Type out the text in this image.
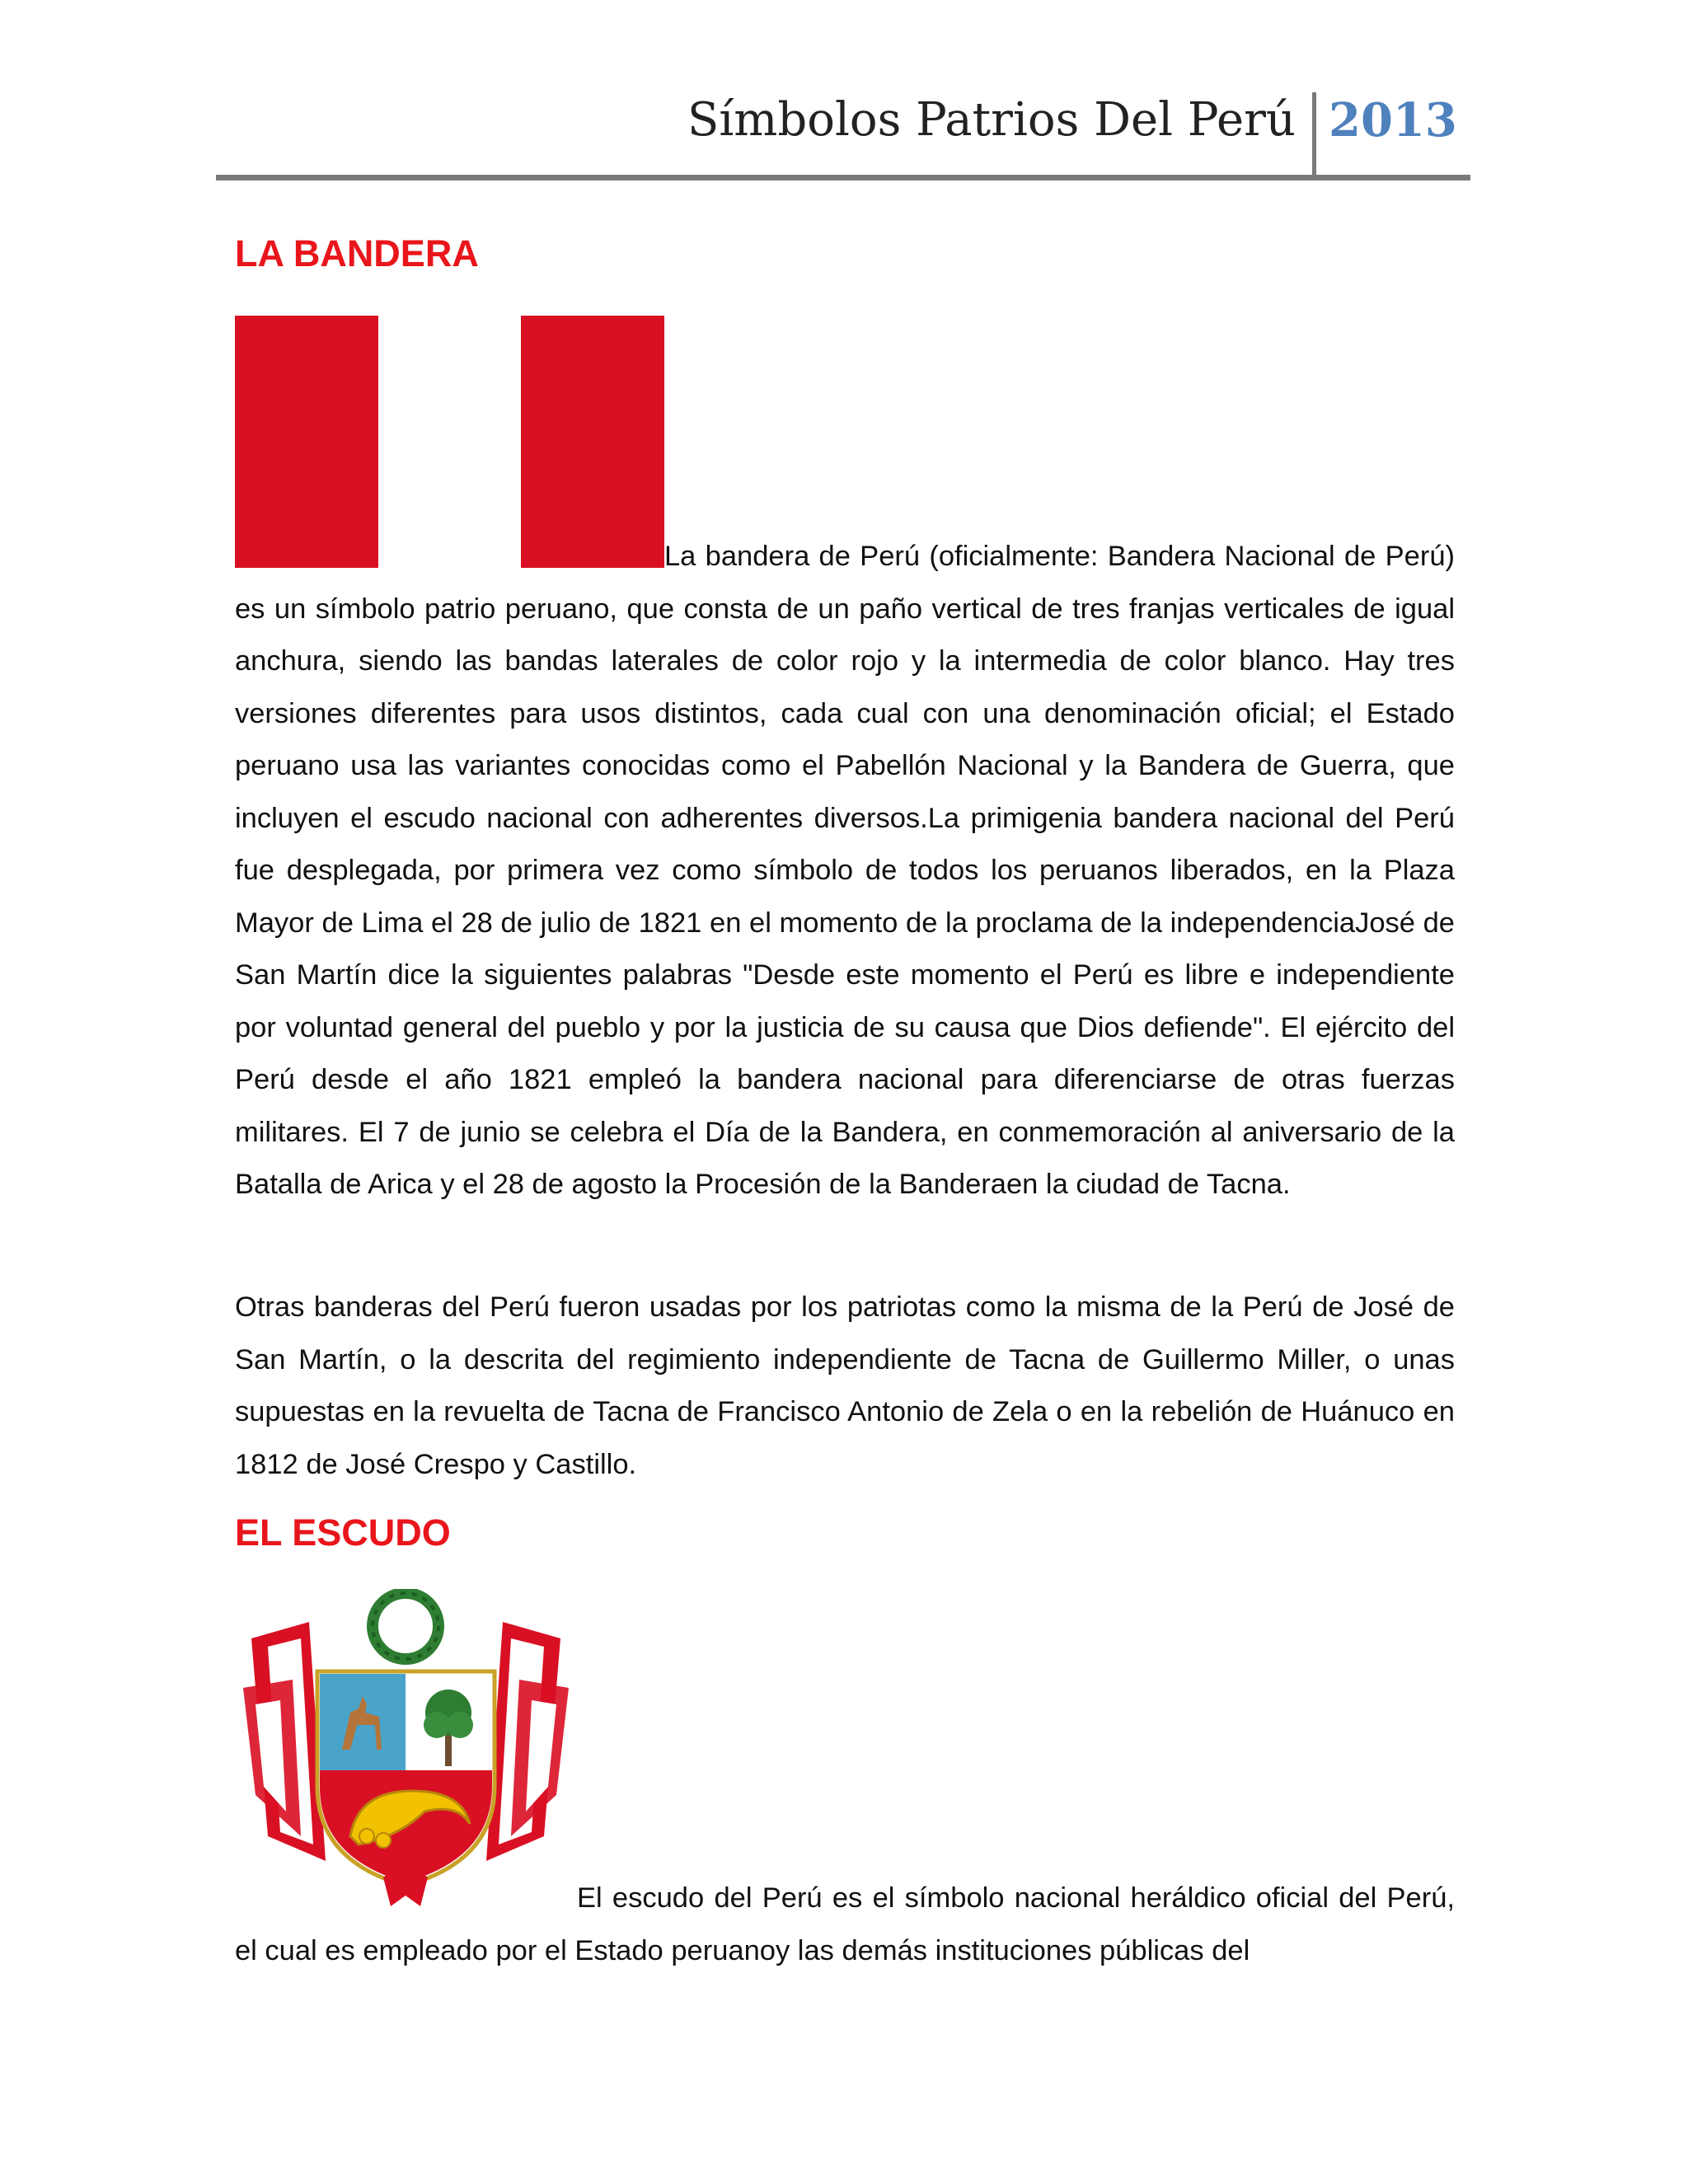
Símbolos Patrios Del Perú 2013
LA BANDERA
La bandera de Perú (oficialmente: Bandera Nacional de Perú) es un símbolo patrio peruano, que consta de un paño vertical de tres franjas verticales de igual anchura, siendo las bandas laterales de color rojo y la intermedia de color blanco. Hay tres versiones diferentes para usos distintos, cada cual con una denominación oficial; el Estado peruano usa las variantes conocidas como el Pabellón Nacional y la Bandera de Guerra, que incluyen el escudo nacional con adherentes diversos.La primigenia bandera nacional del Perú fue desplegada, por primera vez como símbolo de todos los peruanos liberados, en la Plaza Mayor de Lima el 28 de julio de 1821 en el momento de la proclama de la independenciaJosé de San Martín dice la siguientes palabras "Desde este momento el Perú es libre e independiente por voluntad general del pueblo y por la justicia de su causa que Dios defiende". El ejército del Perú desde el año 1821 empleó la bandera nacional para diferenciarse de otras fuerzas militares. El 7 de junio se celebra el Día de la Bandera, en conmemoración al aniversario de la Batalla de Arica y el 28 de agosto la Procesión de la Banderaen la ciudad de Tacna.

Otras banderas del Perú fueron usadas por los patriotas como la misma de la Perú de José de San Martín, o la descrita del regimiento independiente de Tacna de Guillermo Miller, o unas supuestas en la revuelta de Tacna de Francisco Antonio de Zela o en la rebelión de Huánuco en 1812 de José Crespo y Castillo.

EL ESCUDO
El escudo del Perú es el símbolo nacional heráldico oficial del Perú, el cual es empleado por el Estado peruanoy las demás instituciones públicas del
